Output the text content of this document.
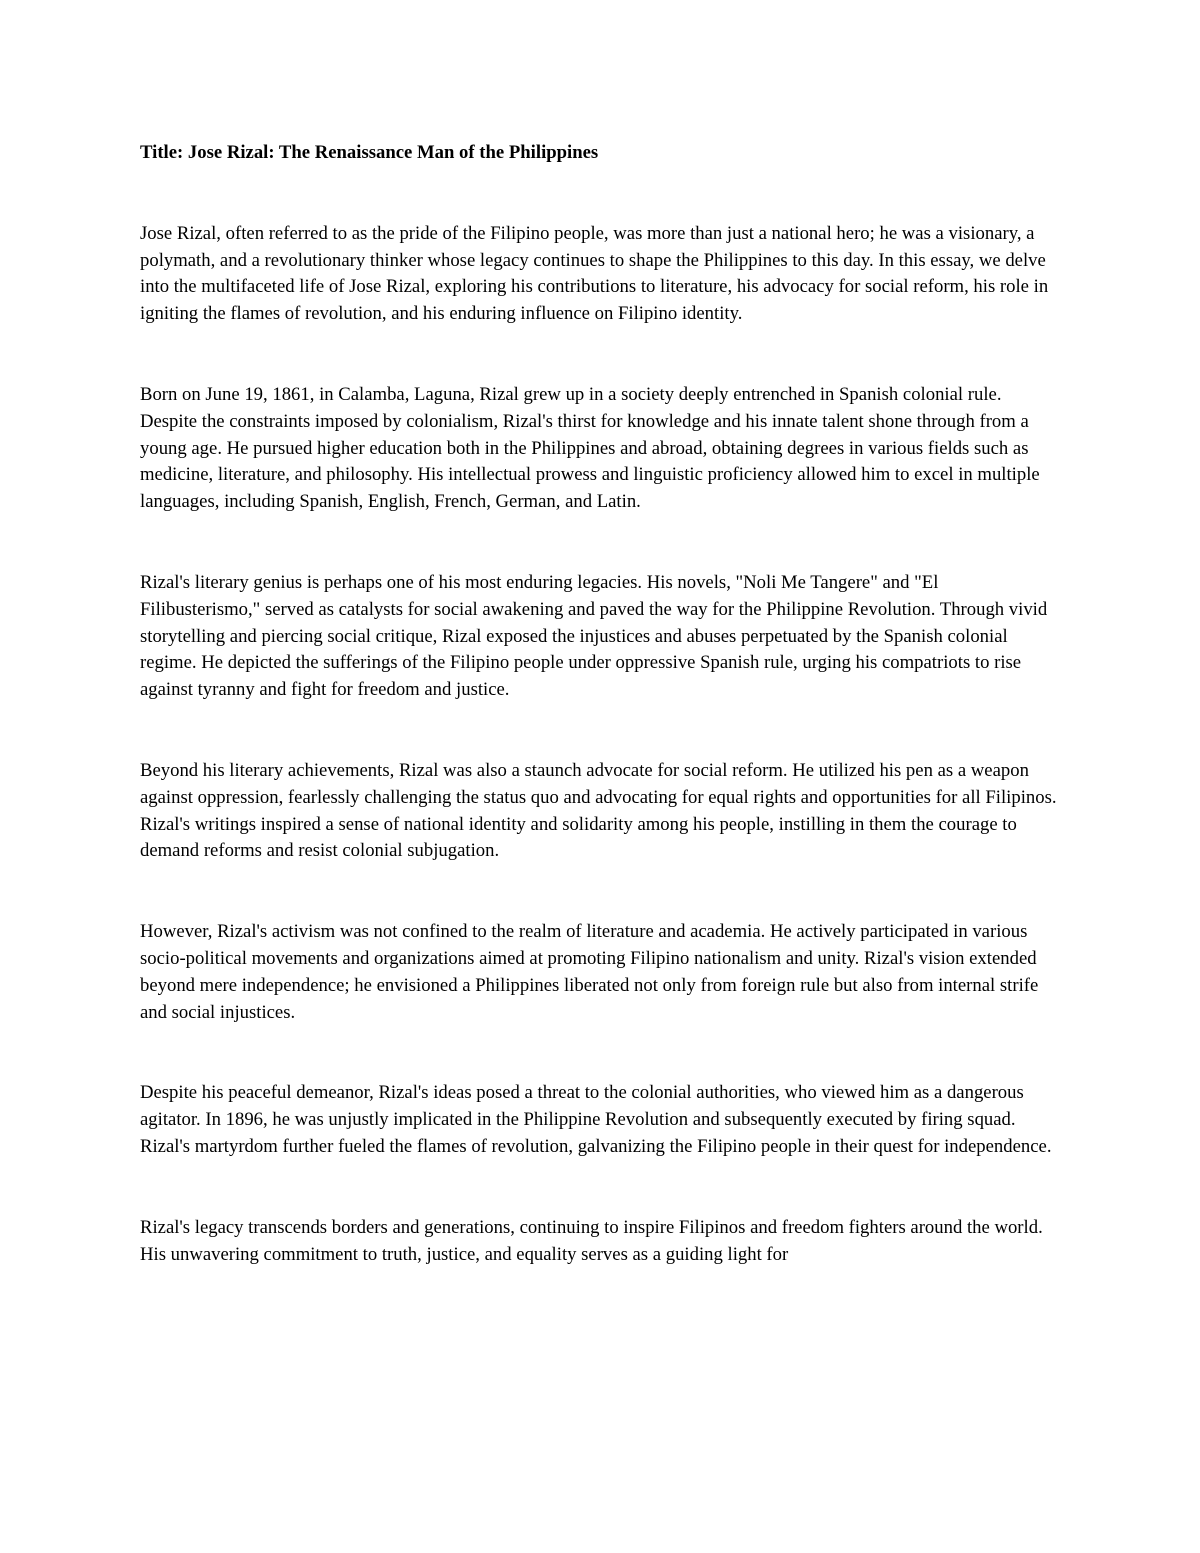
Title: Jose Rizal: The Renaissance Man of the Philippines

Jose Rizal, often referred to as the pride of the Filipino people, was more than just a national hero; he was a visionary, a polymath, and a revolutionary thinker whose legacy continues to shape the Philippines to this day. In this essay, we delve into the multifaceted life of Jose Rizal, exploring his contributions to literature, his advocacy for social reform, his role in igniting the flames of revolution, and his enduring influence on Filipino identity.

Born on June 19, 1861, in Calamba, Laguna, Rizal grew up in a society deeply entrenched in Spanish colonial rule. Despite the constraints imposed by colonialism, Rizal's thirst for knowledge and his innate talent shone through from a young age. He pursued higher education both in the Philippines and abroad, obtaining degrees in various fields such as medicine, literature, and philosophy. His intellectual prowess and linguistic proficiency allowed him to excel in multiple languages, including Spanish, English, French, German, and Latin.

Rizal's literary genius is perhaps one of his most enduring legacies. His novels, "Noli Me Tangere" and "El Filibusterismo," served as catalysts for social awakening and paved the way for the Philippine Revolution. Through vivid storytelling and piercing social critique, Rizal exposed the injustices and abuses perpetuated by the Spanish colonial regime. He depicted the sufferings of the Filipino people under oppressive Spanish rule, urging his compatriots to rise against tyranny and fight for freedom and justice.

Beyond his literary achievements, Rizal was also a staunch advocate for social reform. He utilized his pen as a weapon against oppression, fearlessly challenging the status quo and advocating for equal rights and opportunities for all Filipinos. Rizal's writings inspired a sense of national identity and solidarity among his people, instilling in them the courage to demand reforms and resist colonial subjugation.

However, Rizal's activism was not confined to the realm of literature and academia. He actively participated in various socio-political movements and organizations aimed at promoting Filipino nationalism and unity. Rizal's vision extended beyond mere independence; he envisioned a Philippines liberated not only from foreign rule but also from internal strife and social injustices.

Despite his peaceful demeanor, Rizal's ideas posed a threat to the colonial authorities, who viewed him as a dangerous agitator. In 1896, he was unjustly implicated in the Philippine Revolution and subsequently executed by firing squad. Rizal's martyrdom further fueled the flames of revolution, galvanizing the Filipino people in their quest for independence.

Rizal's legacy transcends borders and generations, continuing to inspire Filipinos and freedom fighters around the world. His unwavering commitment to truth, justice, and equality serves as a guiding light for
